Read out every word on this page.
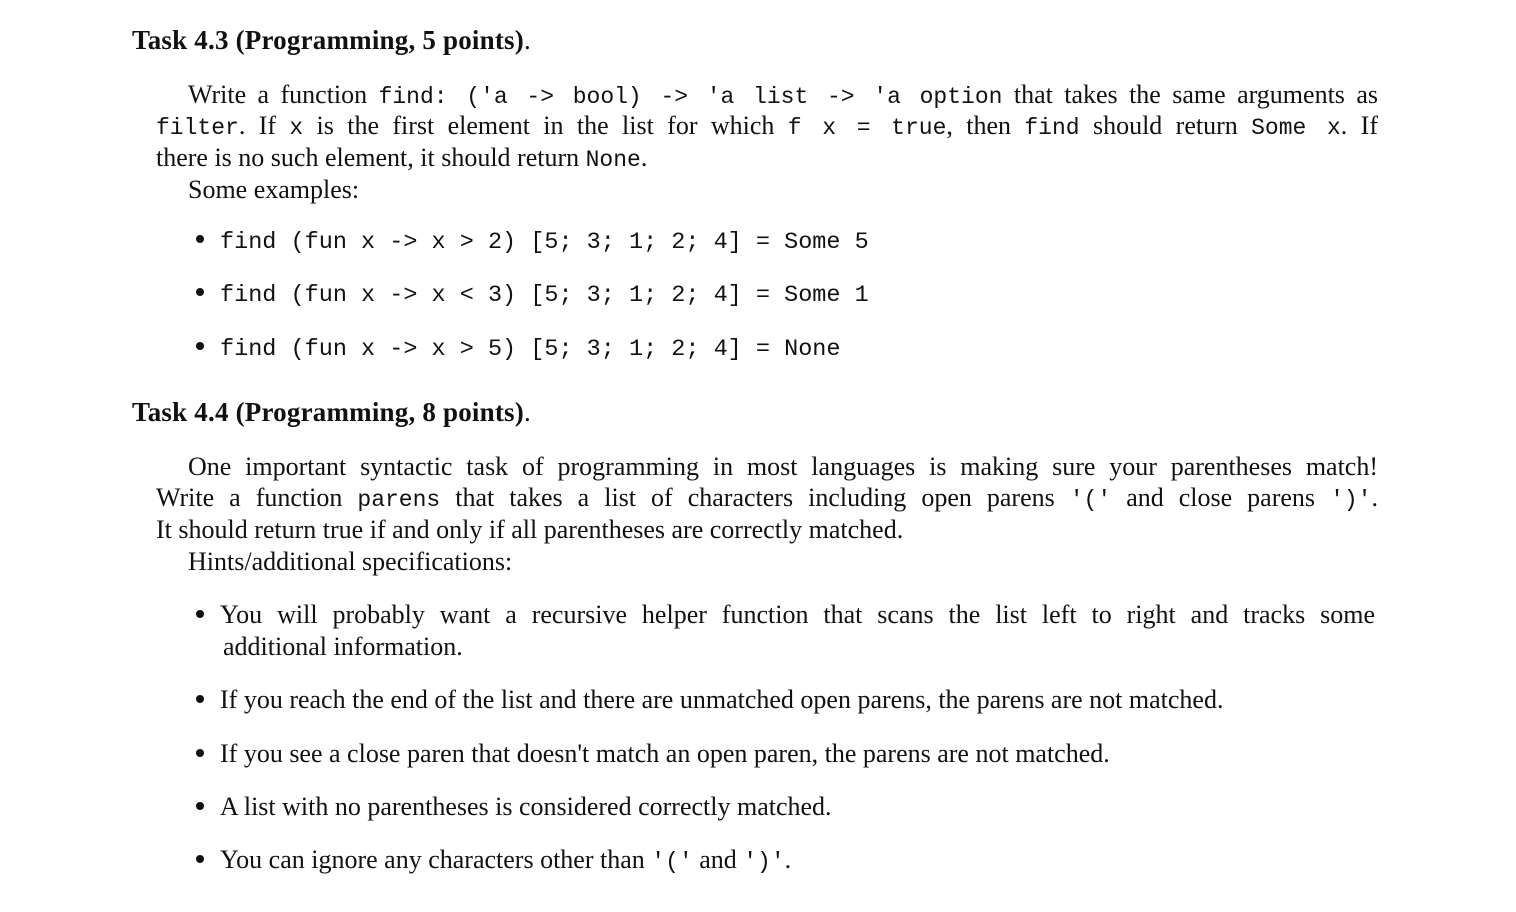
Task 4.3 (Programming, 5 points).
Write a function find: ('a -> bool) -> 'a list -> 'a option that takes the same arguments as
filter. If x is the first element in the list for which f x = true, then find should return Some x. If
there is no such element, it should return None.
Some examples:
find (fun x -> x > 2) [5; 3; 1; 2; 4] = Some 5
find (fun x -> x < 3) [5; 3; 1; 2; 4] = Some 1
find (fun x -> x > 5) [5; 3; 1; 2; 4] = None
Task 4.4 (Programming, 8 points).
One important syntactic task of programming in most languages is making sure your parentheses match!
Write a function parens that takes a list of characters including open parens '(' and close parens ')'.
It should return true if and only if all parentheses are correctly matched.
Hints/additional specifications:
You will probably want a recursive helper function that scans the list left to right and tracks some
additional information.
If you reach the end of the list and there are unmatched open parens, the parens are not matched.
If you see a close paren that doesn't match an open paren, the parens are not matched.
A list with no parentheses is considered correctly matched.
You can ignore any characters other than '(' and ')'.
